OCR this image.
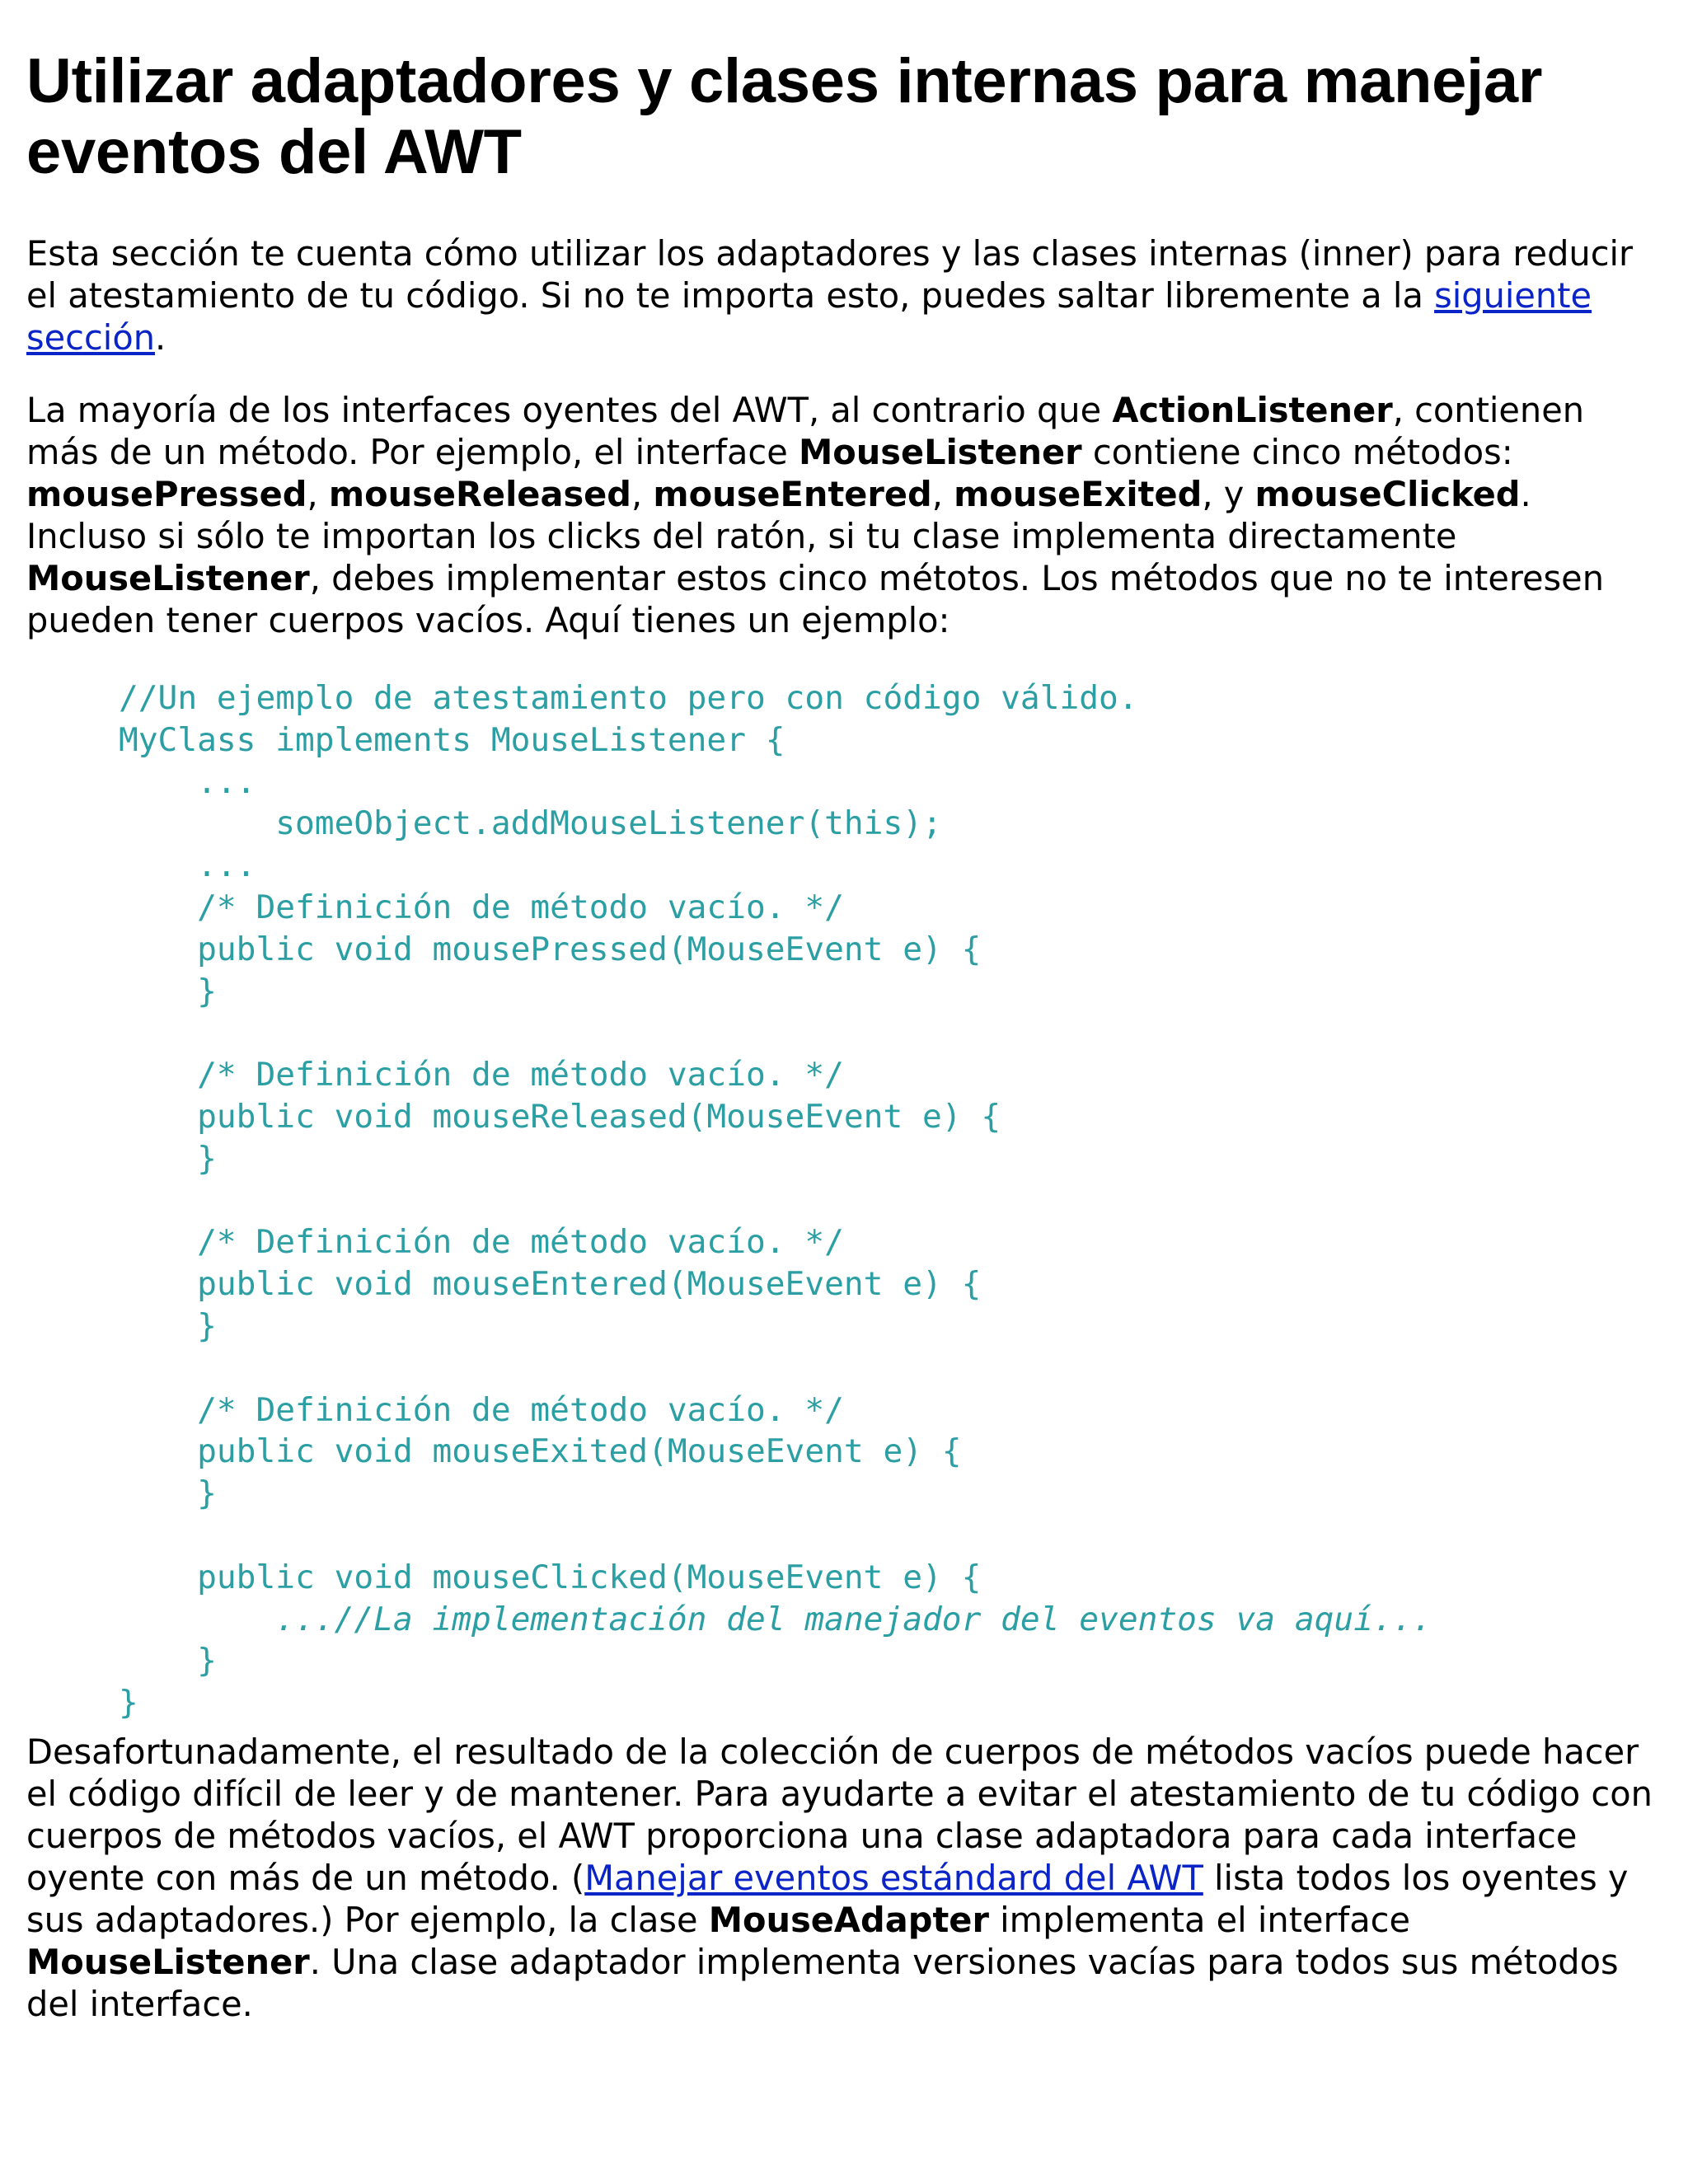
Utilizar adaptadores y clases internas para manejar eventos del AWT

Esta sección te cuenta cómo utilizar los adaptadores y las clases internas (inner) para reducir el atestamiento de tu código. Si no te importa esto, puedes saltar libremente a la siguiente sección.

La mayoría de los interfaces oyentes del AWT, al contrario que ActionListener, contienen más de un método. Por ejemplo, el interface MouseListener contiene cinco métodos: mousePressed, mouseReleased, mouseEntered, mouseExited, y mouseClicked. Incluso si sólo te importan los clicks del ratón, si tu clase implementa directamente MouseListener, debes implementar estos cinco métotos. Los métodos que no te interesen pueden tener cuerpos vacíos. Aquí tienes un ejemplo:

//Un ejemplo de atestamiento pero con código válido.
MyClass implements MouseListener {
...
someObject.addMouseListener(this);
...
/* Definición de método vacío. */
public void mousePressed(MouseEvent e) {
}

/* Definición de método vacío. */
public void mouseReleased(MouseEvent e) {
}

/* Definición de método vacío. */
public void mouseEntered(MouseEvent e) {
}

/* Definición de método vacío. */
public void mouseExited(MouseEvent e) {
}

public void mouseClicked(MouseEvent e) {
...//La implementación del manejador del eventos va aquí...
}
}

Desafortunadamente, el resultado de la colección de cuerpos de métodos vacíos puede hacer el código difícil de leer y de mantener. Para ayudarte a evitar el atestamiento de tu código con cuerpos de métodos vacíos, el AWT proporciona una clase adaptadora para cada interface oyente con más de un método. (Manejar eventos estándard del AWT lista todos los oyentes y sus adaptadores.) Por ejemplo, la clase MouseAdapter implementa el interface MouseListener. Una clase adaptador implementa versiones vacías para todos sus métodos del interface.
